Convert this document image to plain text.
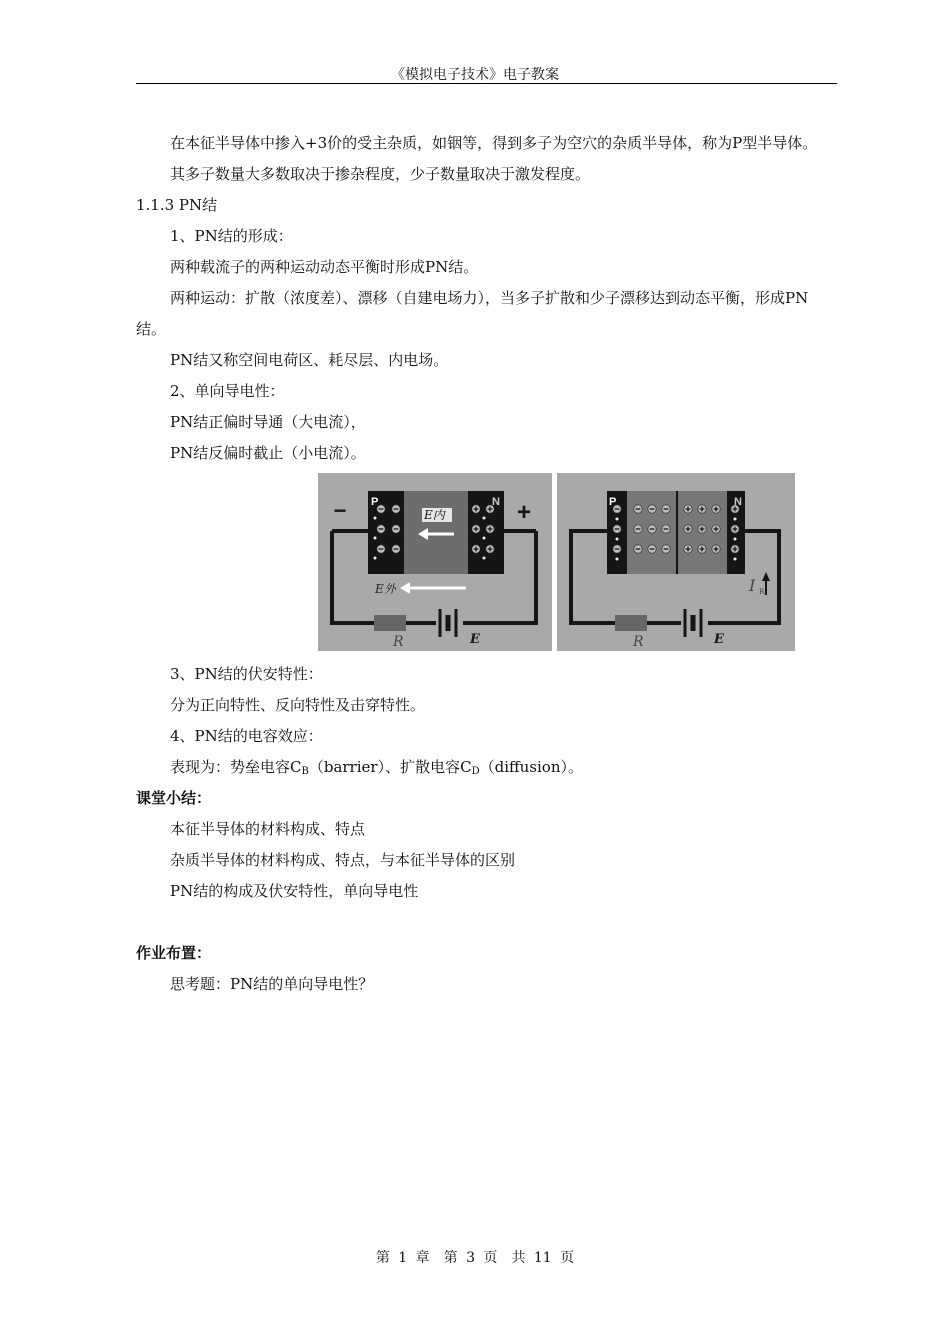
《模拟电子技术》电子教案

在本征半导体中掺入+3价的受主杂质，如铟等，得到多子为空穴的杂质半导体，称为P型半导体。

其多子数量大多数取决于掺杂程度，少子数量取决于激发程度。

1.1.3 PN结

1、PN结的形成：

两种载流子的两种运动动态平衡时形成PN结。

两种运动：扩散（浓度差）、漂移（自建电场力），当多子扩散和少子漂移达到动态平衡，形成PN结。

PN结又称空间电荷区、耗尽层、内电场。

2、单向导电性：

PN结正偏时导通（大电流），

PN结反偏时截止（小电流）。

P	N
−	+
E内
R	E
E外
P	N
R	E
I R

3、PN结的伏安特性：

分为正向特性、反向特性及击穿特性。

4、PN结的电容效应：

表现为：势垒电容$C_B(barrier)$、扩散电容$C_D(diffusion)$。

课堂小结：

本征半导体的材料构成、特点

杂质半导体的材料构成、特点，与本征半导体的区别

PN结的构成及伏安特性，单向导电性

作业布置：

思考题：PN结的单向导电性？

第 1 章　第 3 页　共 11 页
